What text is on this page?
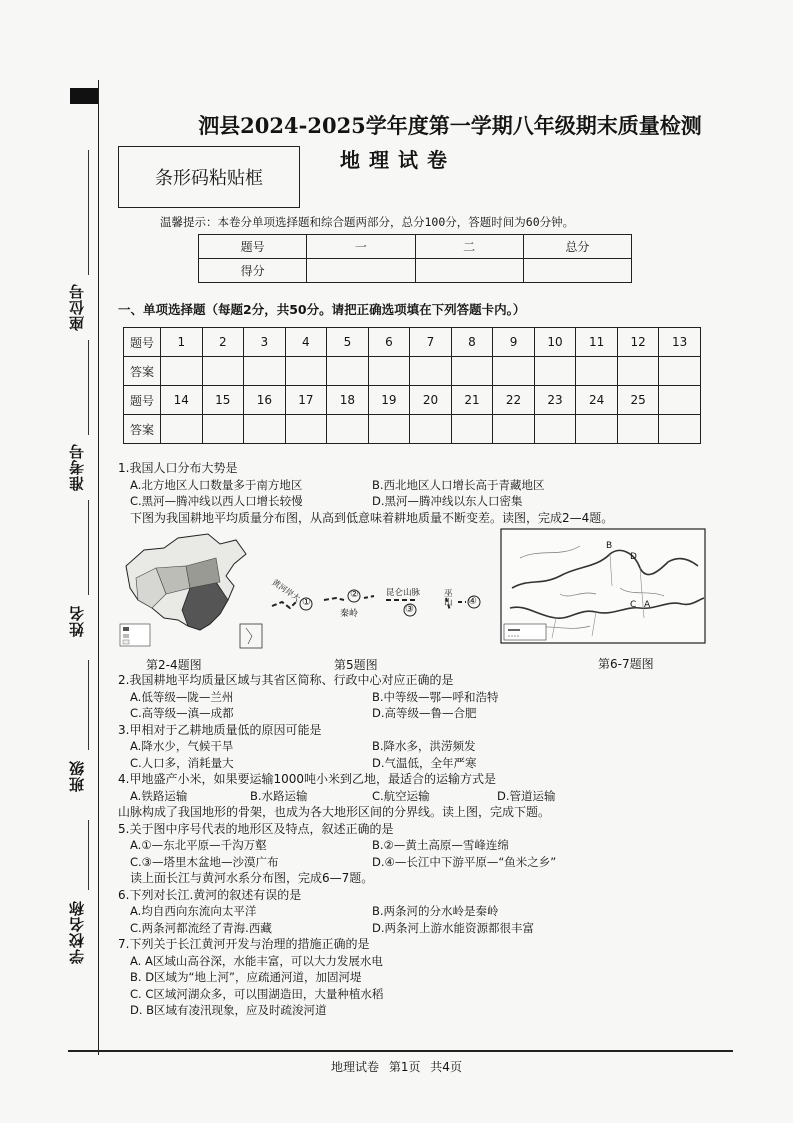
座位号
准考号
姓名
班级
学校名称
泗县2024-2025学年度第一学期八年级期末质量检测
地理试卷
条形码粘贴框
温馨提示：本卷分单项选择题和综合题两部分，总分100分，答题时间为60分钟。
题号	一	二	总分
得分			
一、单项选择题（每题2分，共50分。请把正确选项填在下列答题卡内。）
题号	1	2	3	4	5	6	7	8	9	10	11	12	13
答案													
题号	14	15	16	17	18	19	20	21	22	23	24	25	
答案													
1.我国人口分布大势是
A.北方地区人口数量多于南方地区	B.西北地区人口增长高于青藏地区
C.黑河—腾冲线以西人口增长较慢	D.黑河—腾冲线以东人口密集
下图为我国耕地平均质量分布图，从高到低意味着耕地质量不断变差。读图，完成2—4题。
黄河岸大 ①
②
秦岭
昆仑山脉
③
巫山 ④
B
D
C A
第2-4题图	第5题图	第6-7题图
2.我国耕地平均质量区域与其省区简称、行政中心对应正确的是
A.低等级—陇—兰州	B.中等级—鄂—呼和浩特
C.高等级—滇—成都	D.高等级—鲁—合肥
3.甲相对于乙耕地质量低的原因可能是
A.降水少，气候干旱	B.降水多，洪涝频发
C.人口多，消耗量大	D.气温低，全年严寒
4.甲地盛产小米，如果要运输1000吨小米到乙地，最适合的运输方式是
A.铁路运输	B.水路运输	C.航空运输	D.管道运输
山脉构成了我国地形的骨架，也成为各大地形区间的分界线。读上图，完成下题。
5.关于图中序号代表的地形区及特点，叙述正确的是
A.①—东北平原—千沟万壑	B.②—黄土高原—雪峰连绵
C.③—塔里木盆地—沙漠广布	D.④—长江中下游平原—“鱼米之乡”
读上面长江与黄河水系分布图，完成6—7题。
6.下列对长江.黄河的叙述有误的是
A.均自西向东流向太平洋	B.两条河的分水岭是秦岭
C.两条河都流经了青海.西藏	D.两条河上游水能资源都很丰富
7.下列关于长江黄河开发与治理的措施正确的是
A. A区域山高谷深，水能丰富，可以大力发展水电
B. D区域为“地上河”，应疏通河道，加固河堤
C. C区域河湖众多，可以围湖造田，大量种植水稻
D. B区域有凌汛现象，应及时疏浚河道
地理试卷 第1页 共4页
